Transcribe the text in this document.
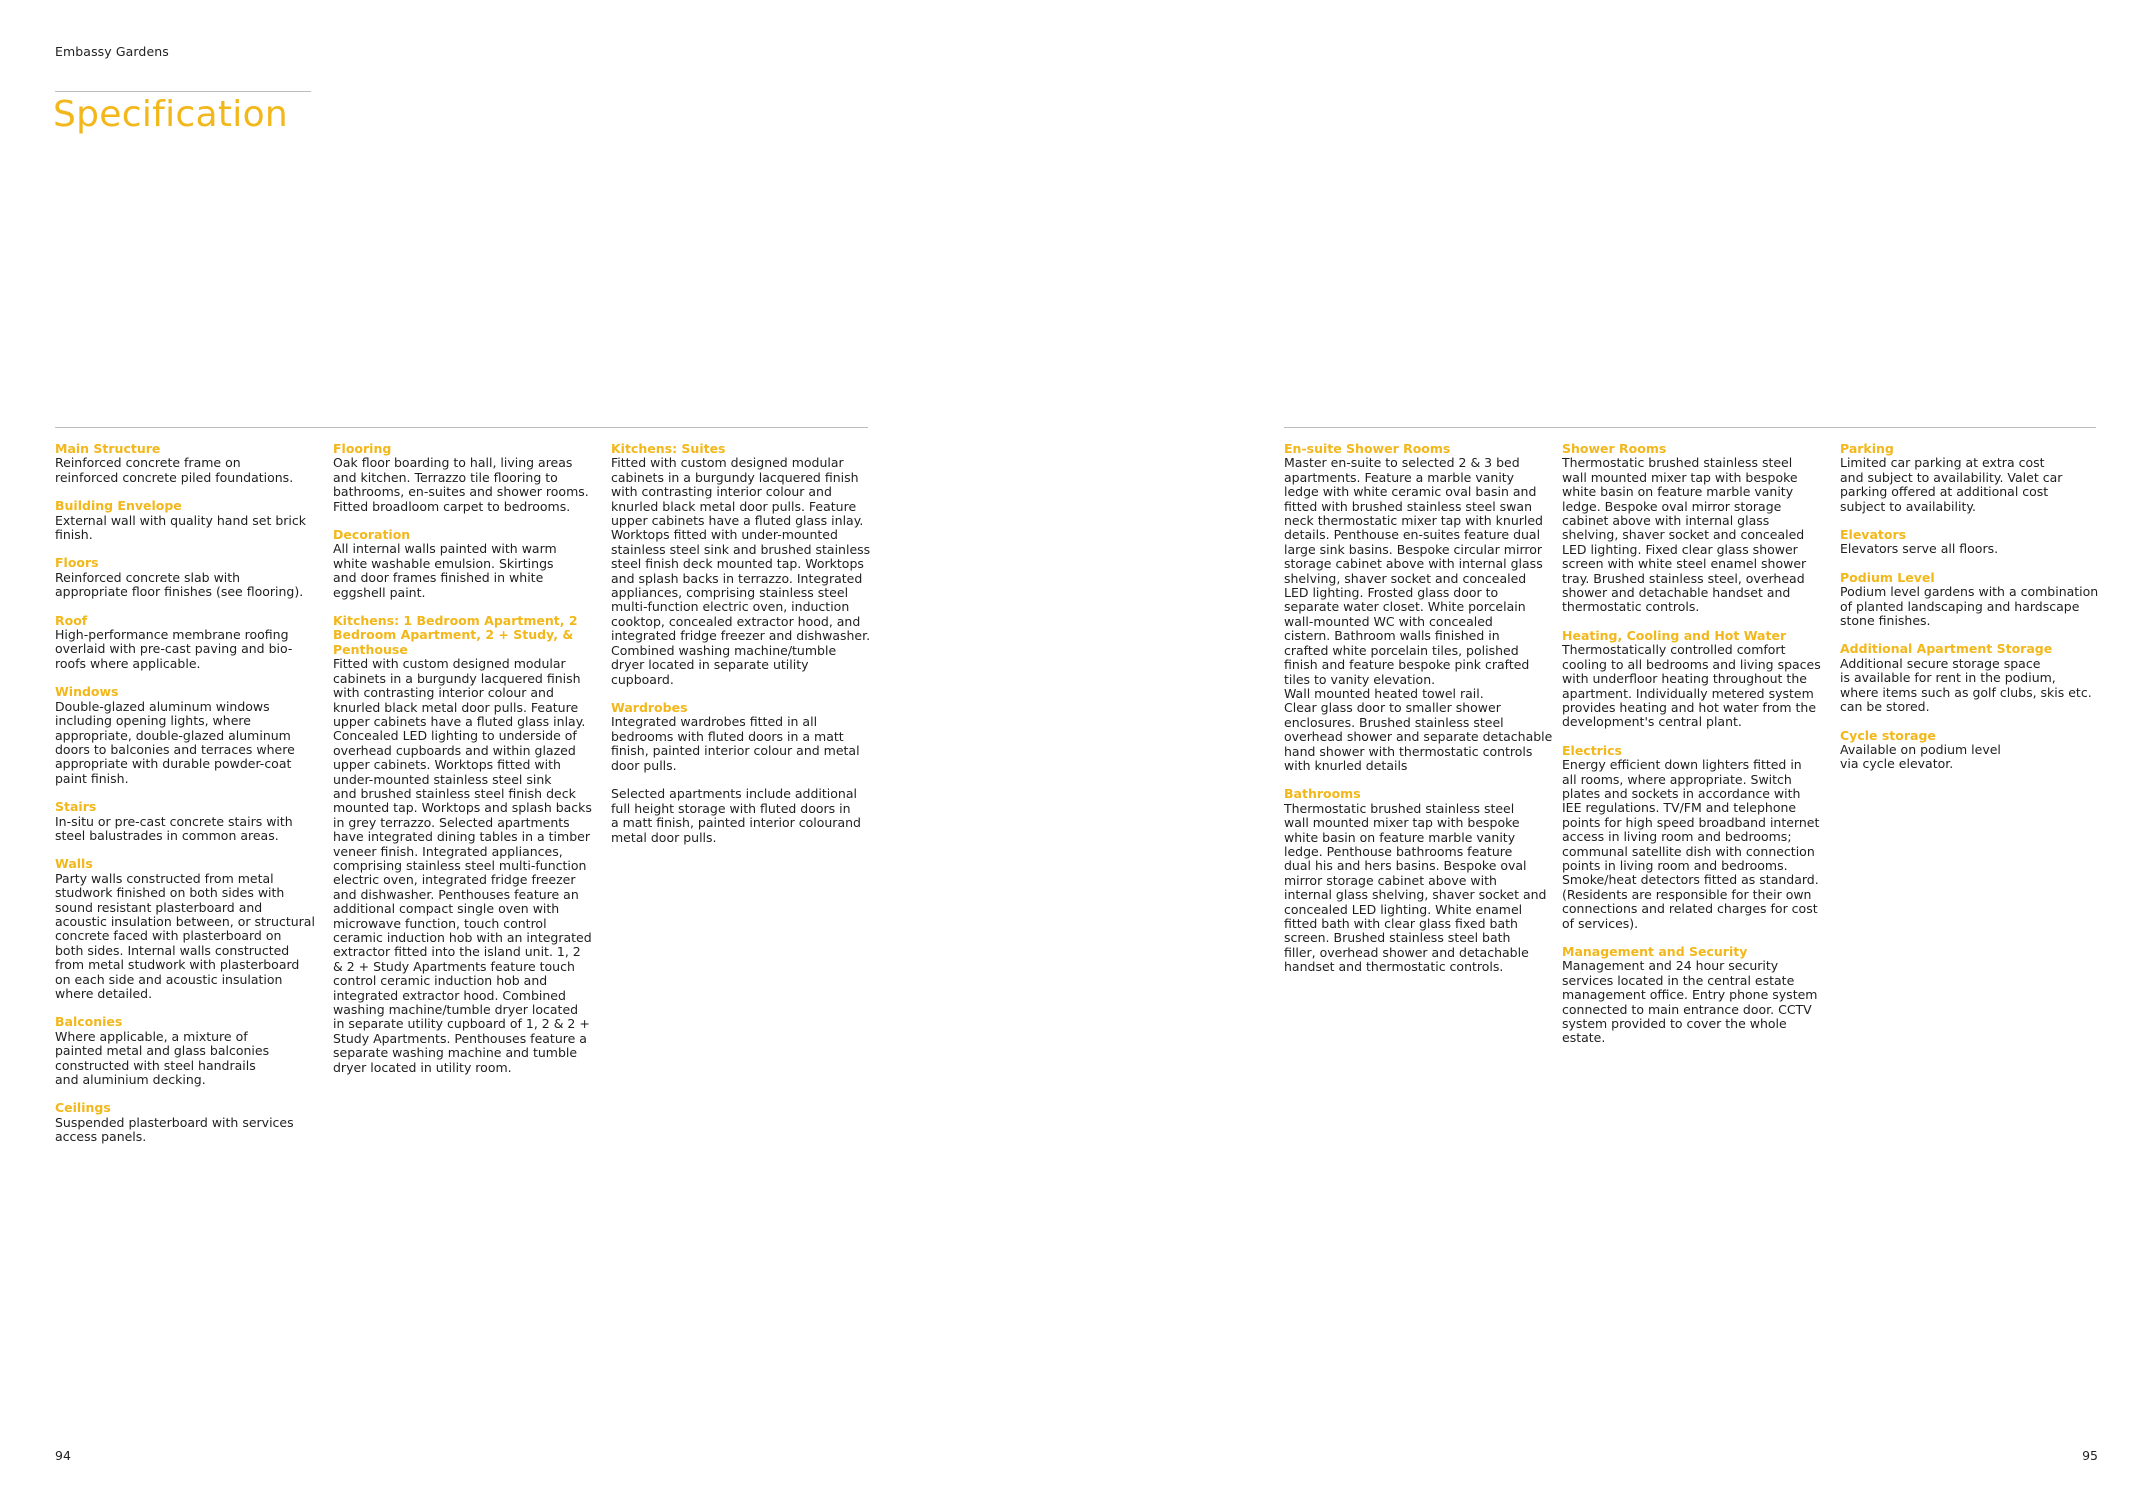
Embassy Gardens
Specification
Main Structure
Reinforced concrete frame on
reinforced concrete piled foundations.
Building Envelope
External wall with quality hand set brick
finish.
Floors
Reinforced concrete slab with
appropriate floor finishes (see flooring).
Roof
High-performance membrane roofing
overlaid with pre-cast paving and bio-
roofs where applicable.
Windows
Double-glazed aluminum windows
including opening lights, where
appropriate, double-glazed aluminum
doors to balconies and terraces where
appropriate with durable powder-coat
paint finish.
Stairs
In-situ or pre-cast concrete stairs with
steel balustrades in common areas.
Walls
Party walls constructed from metal
studwork finished on both sides with
sound resistant plasterboard and
acoustic insulation between, or structural
concrete faced with plasterboard on
both sides. Internal walls constructed
from metal studwork with plasterboard
on each side and acoustic insulation
where detailed.
Balconies
Where applicable, a mixture of
painted metal and glass balconies
constructed with steel handrails
and aluminium decking.
Ceilings
Suspended plasterboard with services
access panels.
Flooring
Oak floor boarding to hall, living areas
and kitchen. Terrazzo tile flooring to
bathrooms, en-suites and shower rooms.
Fitted broadloom carpet to bedrooms.
Decoration
All internal walls painted with warm
white washable emulsion. Skirtings
and door frames finished in white
eggshell paint.
Kitchens: 1 Bedroom Apartment, 2
Bedroom Apartment, 2 + Study, &
Penthouse
Fitted with custom designed modular
cabinets in a burgundy lacquered finish
with contrasting interior colour and
knurled black metal door pulls. Feature
upper cabinets have a fluted glass inlay.
Concealed LED lighting to underside of
overhead cupboards and within glazed
upper cabinets. Worktops fitted with
under-mounted stainless steel sink
and brushed stainless steel finish deck
mounted tap. Worktops and splash backs
in grey terrazzo. Selected apartments
have integrated dining tables in a timber
veneer finish. Integrated appliances,
comprising stainless steel multi-function
electric oven, integrated fridge freezer
and dishwasher. Penthouses feature an
additional compact single oven with
microwave function, touch control
ceramic induction hob with an integrated
extractor fitted into the island unit. 1, 2
& 2 + Study Apartments feature touch
control ceramic induction hob and
integrated extractor hood. Combined
washing machine/tumble dryer located
in separate utility cupboard of 1, 2 & 2 +
Study Apartments. Penthouses feature a
separate washing machine and tumble
dryer located in utility room.
Kitchens: Suites
Fitted with custom designed modular
cabinets in a burgundy lacquered finish
with contrasting interior colour and
knurled black metal door pulls. Feature
upper cabinets have a fluted glass inlay.
Worktops fitted with under-mounted
stainless steel sink and brushed stainless
steel finish deck mounted tap. Worktops
and splash backs in terrazzo. Integrated
appliances, comprising stainless steel
multi-function electric oven, induction
cooktop, concealed extractor hood, and
integrated fridge freezer and dishwasher.
Combined washing machine/tumble
dryer located in separate utility
cupboard.
Wardrobes
Integrated wardrobes fitted in all
bedrooms with fluted doors in a matt
finish, painted interior colour and metal
door pulls.

Selected apartments include additional
full height storage with fluted doors in
a matt finish, painted interior colourand
metal door pulls.
En-suite Shower Rooms
Master en-suite to selected 2 & 3 bed
apartments. Feature a marble vanity
ledge with white ceramic oval basin and
fitted with brushed stainless steel swan
neck thermostatic mixer tap with knurled
details. Penthouse en-suites feature dual
large sink basins. Bespoke circular mirror
storage cabinet above with internal glass
shelving, shaver socket and concealed
LED lighting. Frosted glass door to
separate water closet. White porcelain
wall-mounted WC with concealed
cistern. Bathroom walls finished in
crafted white porcelain tiles, polished
finish and feature bespoke pink crafted
tiles to vanity elevation.
Wall mounted heated towel rail.
Clear glass door to smaller shower
enclosures. Brushed stainless steel
overhead shower and separate detachable
hand shower with thermostatic controls
with knurled details
Bathrooms
Thermostatic brushed stainless steel
wall mounted mixer tap with bespoke
white basin on feature marble vanity
ledge. Penthouse bathrooms feature
dual his and hers basins. Bespoke oval
mirror storage cabinet above with
internal glass shelving, shaver socket and
concealed LED lighting. White enamel
fitted bath with clear glass fixed bath
screen. Brushed stainless steel bath
filler, overhead shower and detachable
handset and thermostatic controls.
Shower Rooms
Thermostatic brushed stainless steel
wall mounted mixer tap with bespoke
white basin on feature marble vanity
ledge. Bespoke oval mirror storage
cabinet above with internal glass
shelving, shaver socket and concealed
LED lighting. Fixed clear glass shower
screen with white steel enamel shower
tray. Brushed stainless steel, overhead
shower and detachable handset and
thermostatic controls.
Heating, Cooling and Hot Water
Thermostatically controlled comfort
cooling to all bedrooms and living spaces
with underfloor heating throughout the
apartment. Individually metered system
provides heating and hot water from the
development's central plant.
Electrics
Energy efficient down lighters fitted in
all rooms, where appropriate. Switch
plates and sockets in accordance with
IEE regulations. TV/FM and telephone
points for high speed broadband internet
access in living room and bedrooms;
communal satellite dish with connection
points in living room and bedrooms.
Smoke/heat detectors fitted as standard.
(Residents are responsible for their own
connections and related charges for cost
of services).
Management and Security
Management and 24 hour security
services located in the central estate
management office. Entry phone system
connected to main entrance door. CCTV
system provided to cover the whole
estate.
Parking
Limited car parking at extra cost
and subject to availability. Valet car
parking offered at additional cost
subject to availability.
Elevators
Elevators serve all floors.
Podium Level
Podium level gardens with a combination
of planted landscaping and hardscape
stone finishes.
Additional Apartment Storage
Additional secure storage space
is available for rent in the podium,
where items such as golf clubs, skis etc.
can be stored.
Cycle storage
Available on podium level
via cycle elevator.
94	95
